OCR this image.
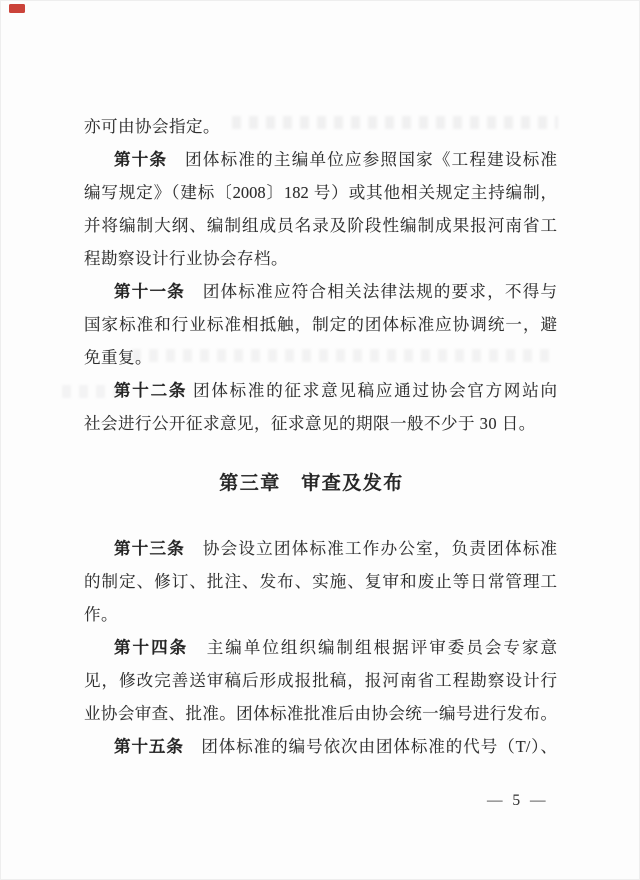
亦可由协会指定。
第十条　团体标准的主编单位应参照国家《工程建设标准
编写规定》（建标〔2008〕182 号）或其他相关规定主持编制，
并将编制大纲、编制组成员名录及阶段性编制成果报河南省工
程勘察设计行业协会存档。
第十一条　团体标准应符合相关法律法规的要求，不得与
国家标准和行业标准相抵触，制定的团体标准应协调统一，避
免重复。
第十二条 团体标准的征求意见稿应通过协会官方网站向
社会进行公开征求意见，征求意见的期限一般不少于 30 日。
第三章　审查及发布
第十三条　协会设立团体标准工作办公室，负责团体标准
的制定、修订、批注、发布、实施、复审和废止等日常管理工
作。
第十四条　主编单位组织编制组根据评审委员会专家意
见，修改完善送审稿后形成报批稿，报河南省工程勘察设计行
业协会审查、批准。团体标准批准后由协会统一编号进行发布。
第十五条　团体标准的编号依次由团体标准的代号（T/）、
— 5 —
